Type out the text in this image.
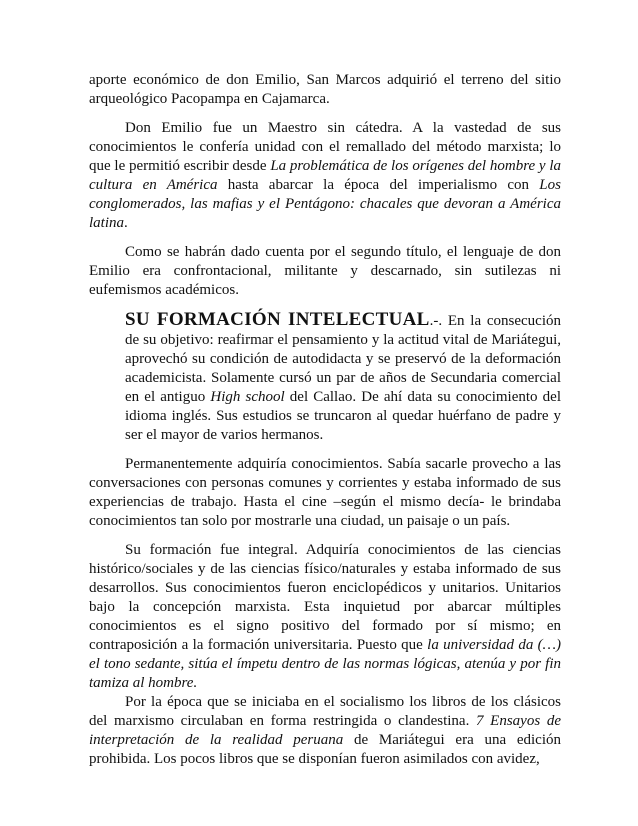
aporte económico de don Emilio, San Marcos adquirió el terreno del sitio arqueológico Pacopampa en Cajamarca.

Don Emilio fue un Maestro sin cátedra. A la vastedad de sus conocimientos le confería unidad con el remallado del método marxista; lo que le permitió escribir desde La problemática de los orígenes del hombre y la cultura en América hasta abarcar la época del imperialismo con Los conglomerados, las mafias y el Pentágono: chacales que devoran a América latina.

Como se habrán dado cuenta por el segundo título, el lenguaje de don Emilio era confrontacional, militante y descarnado, sin sutilezas ni eufemismos académicos.

SU FORMACIÓN INTELECTUAL.-. En la consecución de su objetivo: reafirmar el pensamiento y la actitud vital de Mariátegui, aprovechó su condición de autodidacta y se preservó de la deformación academicista. Solamente cursó un par de años de Secundaria comercial en el antiguo High school del Callao. De ahí data su conocimiento del idioma inglés. Sus estudios se truncaron al quedar huérfano de padre y ser el mayor de varios hermanos.

Permanentemente adquiría conocimientos. Sabía sacarle provecho a las conversaciones con personas comunes y corrientes y estaba informado de sus experiencias de trabajo. Hasta el cine –según el mismo decía- le brindaba conocimientos tan solo por mostrarle una ciudad, un paisaje o un país.

Su formación fue integral. Adquiría conocimientos de las ciencias histórico/sociales y de las ciencias físico/naturales y estaba informado de sus desarrollos. Sus conocimientos fueron enciclopédicos y unitarios. Unitarios bajo la concepción marxista. Esta inquietud por abarcar múltiples conocimientos es el signo positivo del formado por sí mismo; en contraposición a la formación universitaria. Puesto que la universidad da (…) el tono sedante, sitúa el ímpetu dentro de las normas lógicas, atenúa y por fin tamiza al hombre.

Por la época que se iniciaba en el socialismo los libros de los clásicos del marxismo circulaban en forma restringida o clandestina. 7 Ensayos de interpretación de la realidad peruana de Mariátegui era una edición prohibida. Los pocos libros que se disponían fueron asimilados con avidez,
